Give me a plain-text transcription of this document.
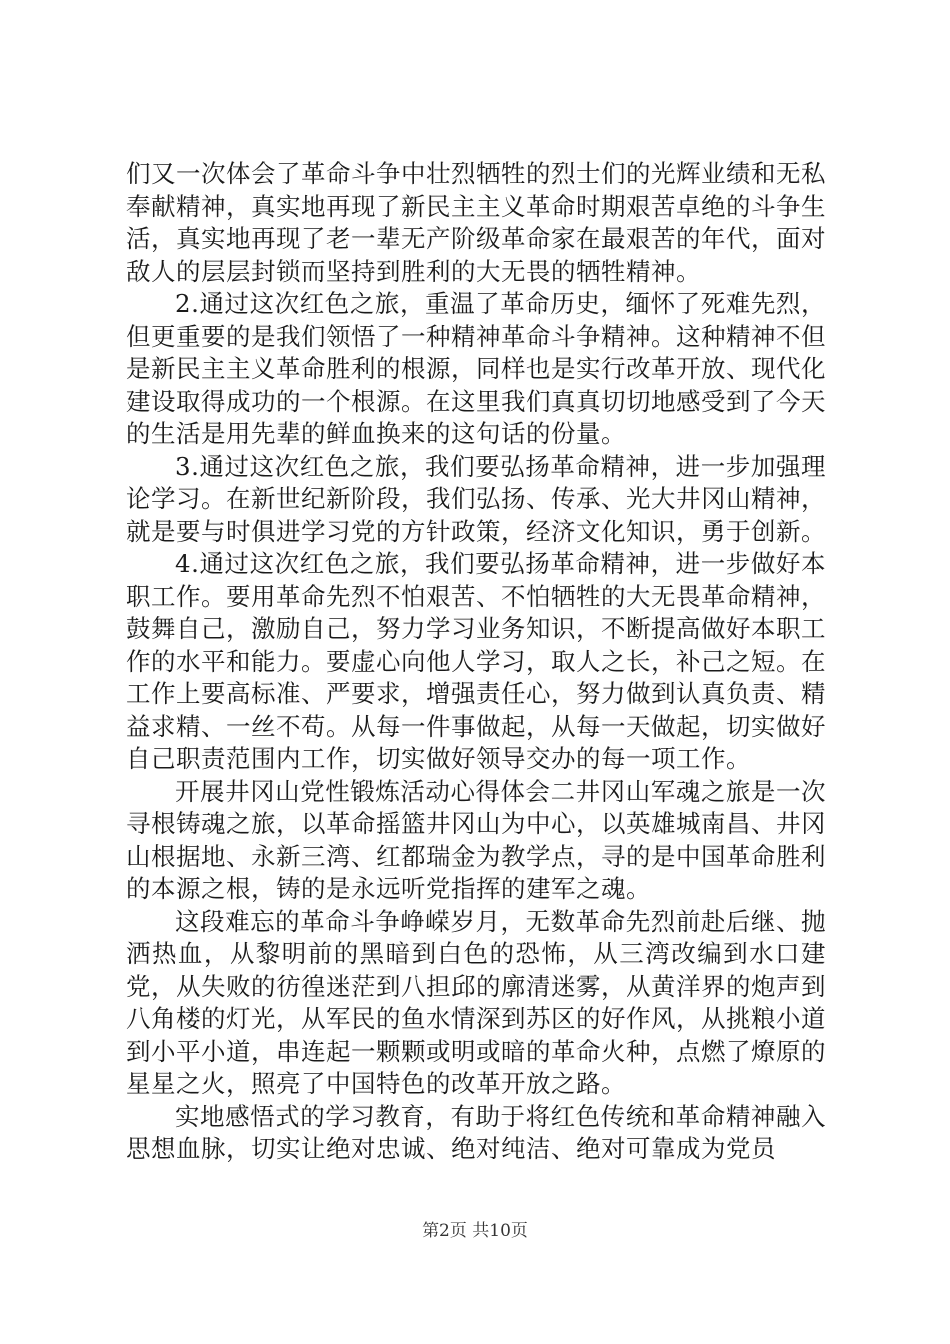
们又一次体会了革命斗争中壮烈牺牲的烈士们的光辉业绩和无私奉献精神，真实地再现了新民主主义革命时期艰苦卓绝的斗争生活，真实地再现了老一辈无产阶级革命家在最艰苦的年代，面对敌人的层层封锁而坚持到胜利的大无畏的牺牲精神。

2.通过这次红色之旅，重温了革命历史，缅怀了死难先烈，但更重要的是我们领悟了一种精神革命斗争精神。这种精神不但是新民主主义革命胜利的根源，同样也是实行改革开放、现代化建设取得成功的一个根源。在这里我们真真切切地感受到了今天的生活是用先辈的鲜血换来的这句话的份量。

3.通过这次红色之旅，我们要弘扬革命精神，进一步加强理论学习。在新世纪新阶段，我们弘扬、传承、光大井冈山精神，就是要与时俱进学习党的方针政策，经济文化知识，勇于创新。

4.通过这次红色之旅，我们要弘扬革命精神，进一步做好本职工作。要用革命先烈不怕艰苦、不怕牺牲的大无畏革命精神，鼓舞自己，激励自己，努力学习业务知识，不断提高做好本职工作的水平和能力。要虚心向他人学习，取人之长，补己之短。在工作上要高标准、严要求，增强责任心，努力做到认真负责、精益求精、一丝不苟。从每一件事做起，从每一天做起，切实做好自己职责范围内工作，切实做好领导交办的每一项工作。

开展井冈山党性锻炼活动心得体会二井冈山军魂之旅是一次寻根铸魂之旅，以革命摇篮井冈山为中心，以英雄城南昌、井冈山根据地、永新三湾、红都瑞金为教学点，寻的是中国革命胜利的本源之根，铸的是永远听党指挥的建军之魂。

这段难忘的革命斗争峥嵘岁月，无数革命先烈前赴后继、抛洒热血，从黎明前的黑暗到白色的恐怖，从三湾改编到水口建党，从失败的彷徨迷茫到八担邱的廓清迷雾，从黄洋界的炮声到八角楼的灯光，从军民的鱼水情深到苏区的好作风，从挑粮小道到小平小道，串连起一颗颗或明或暗的革命火种，点燃了燎原的星星之火，照亮了中国特色的改革开放之路。

实地感悟式的学习教育，有助于将红色传统和革命精神融入思想血脉，切实让绝对忠诚、绝对纯洁、绝对可靠成为党员

第2页 共10页
